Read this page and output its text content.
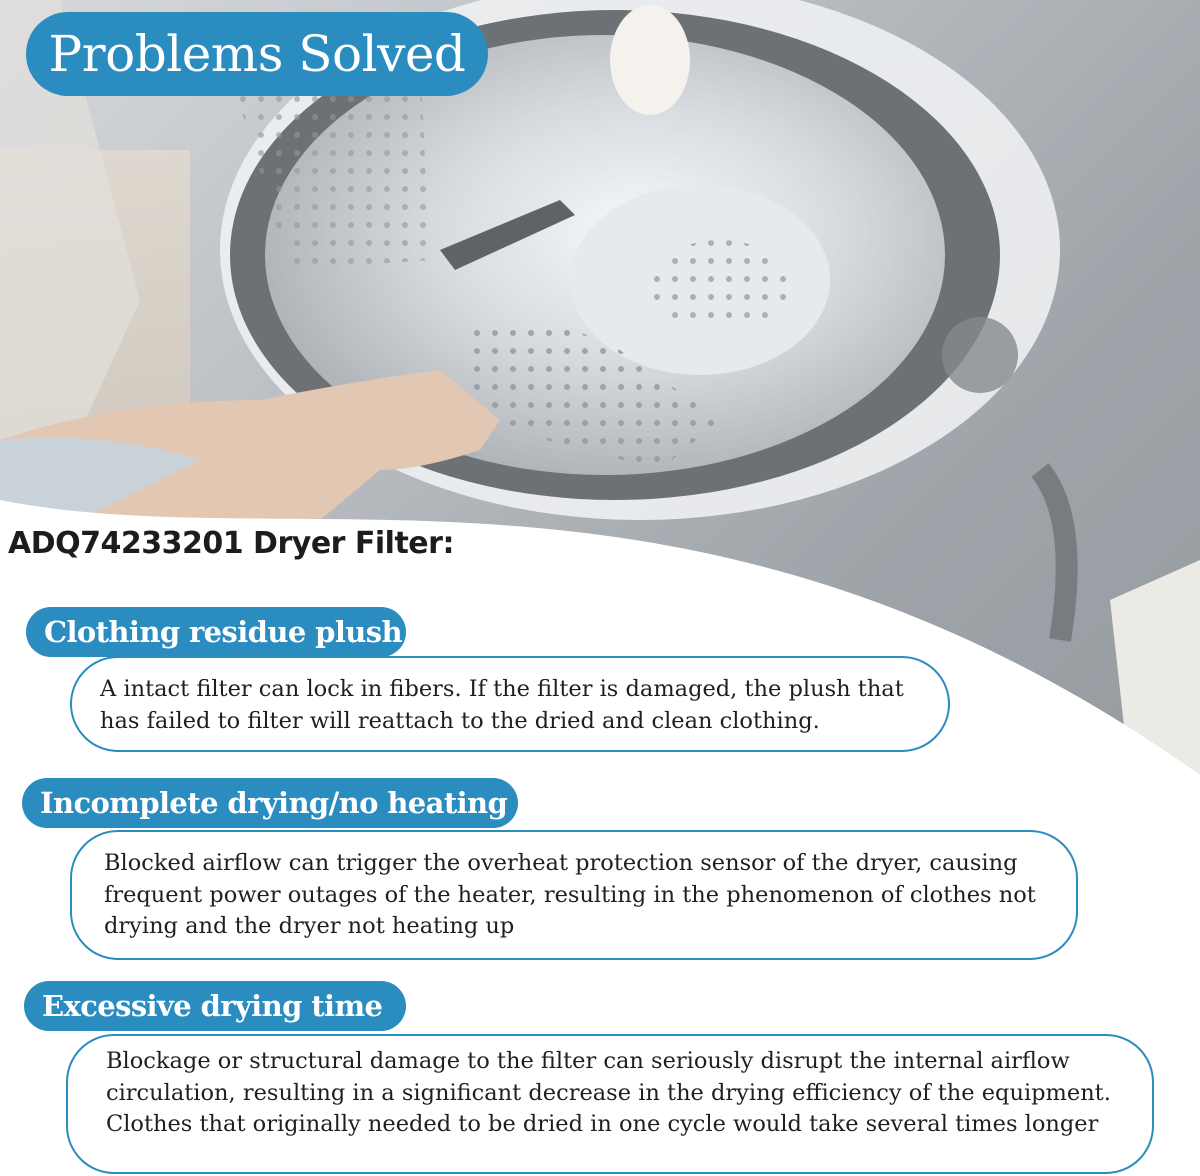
Problems Solved
ADQ74233201 Dryer Filter:
Clothing residue plush

A intact filter can lock in fibers. If the filter is damaged, the plush that has failed to filter will reattach to the dried and clean clothing.

Incomplete drying/no heating

Blocked airflow can trigger the overheat protection sensor of the dryer, causing frequent power outages of the heater, resulting in the phenomenon of clothes not drying and the dryer not heating up

Excessive drying time

Blockage or structural damage to the filter can seriously disrupt the internal airflow circulation, resulting in a significant decrease in the drying efficiency of the equipment. Clothes that originally needed to be dried in one cycle would take several times longer
